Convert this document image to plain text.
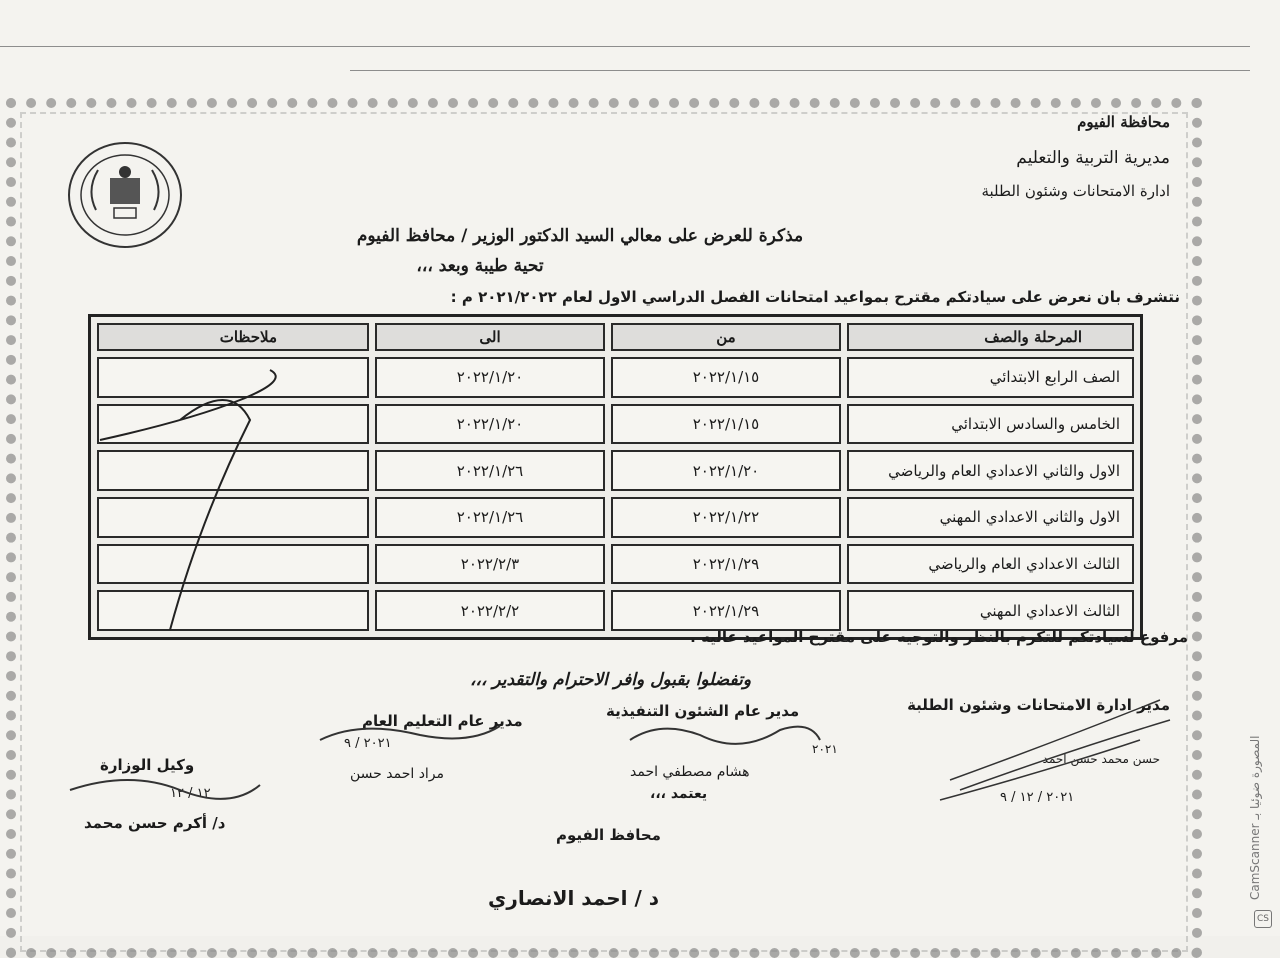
محافظة الفيوم
مديرية التربية والتعليم
ادارة الامتحانات وشئون الطلبة
مذكرة للعرض على معالي السيد الدكتور الوزير / محافظ الفيوم
تحية طيبة وبعد ،،،
نتشرف بان نعرض على سيادتكم مقترح بمواعيد امتحانات الفصل الدراسي الاول لعام ٢٠٢١/٢٠٢٢ م :
المرحلة والصف	من	الى	ملاحظات
الصف الرابع الابتدائي	٢٠٢٢/١/١٥	٢٠٢٢/١/٢٠	
الخامس والسادس الابتدائي	٢٠٢٢/١/١٥	٢٠٢٢/١/٢٠	
الاول والثاني الاعدادي العام والرياضي	٢٠٢٢/١/٢٠	٢٠٢٢/١/٢٦	
الاول والثاني الاعدادي المهني	٢٠٢٢/١/٢٢	٢٠٢٢/١/٢٦	
الثالث الاعدادي العام والرياضي	٢٠٢٢/١/٢٩	٢٠٢٢/٢/٣	
الثالث الاعدادي المهني	٢٠٢٢/١/٢٩	٢٠٢٢/٢/٢	
مرفوع لسيادتكم للتكرم بالنظر والتوجيه على مقترح المواعيد عاليه .
وتفضلوا بقبول وافر الاحترام والتقدير ،،،
مدير ادارة الامتحانات وشئون الطلبة
حسن محمد حسن احمد
٢٠٢١ / ١٢ / ٩
مدير عام الشئون التنفيذية
هشام مصطفي احمد
٢٠٢١
يعتمد ،،،
مدير عام التعليم العام
مراد احمد حسن
٢٠٢١ / ٩
وكيل الوزارة
١٢ / ١٢
د/ أكرم حسن محمد
محافظ الفيوم
د / احمد الانصاري	CamScanner المصورة ضوئيا بـ
CS
